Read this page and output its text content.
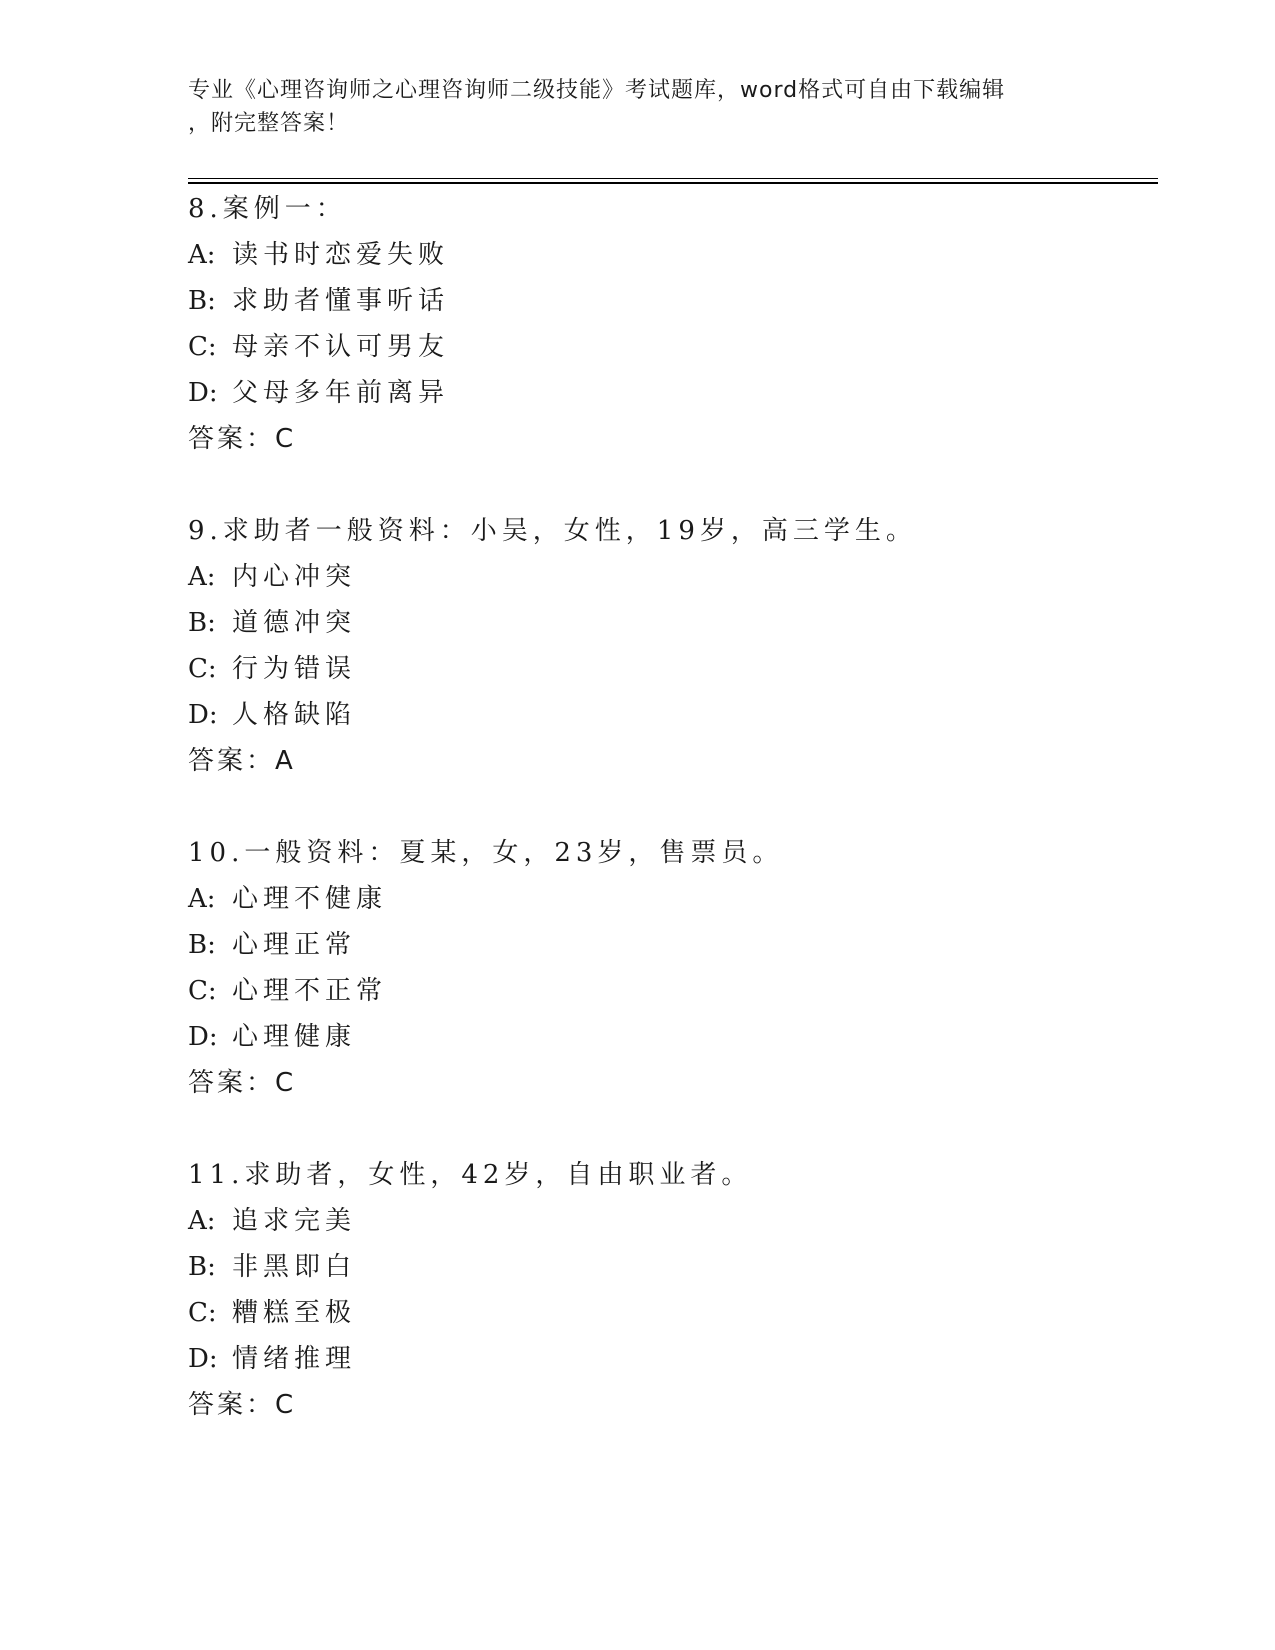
专业《心理咨询师之心理咨询师二级技能》考试题库，word格式可自由下载编辑
，附完整答案！
8.案例一：
A: 读书时恋爱失败
B: 求助者懂事听话
C: 母亲不认可男友
D: 父母多年前离异
答案：C
9.求助者一般资料：小吴，女性，19岁，高三学生。
A: 内心冲突
B: 道德冲突
C: 行为错误
D: 人格缺陷
答案：A
10.一般资料：夏某，女，23岁，售票员。
A: 心理不健康
B: 心理正常
C: 心理不正常
D: 心理健康
答案：C
11.求助者，女性，42岁，自由职业者。
A: 追求完美
B: 非黑即白
C: 糟糕至极
D: 情绪推理
答案：C
